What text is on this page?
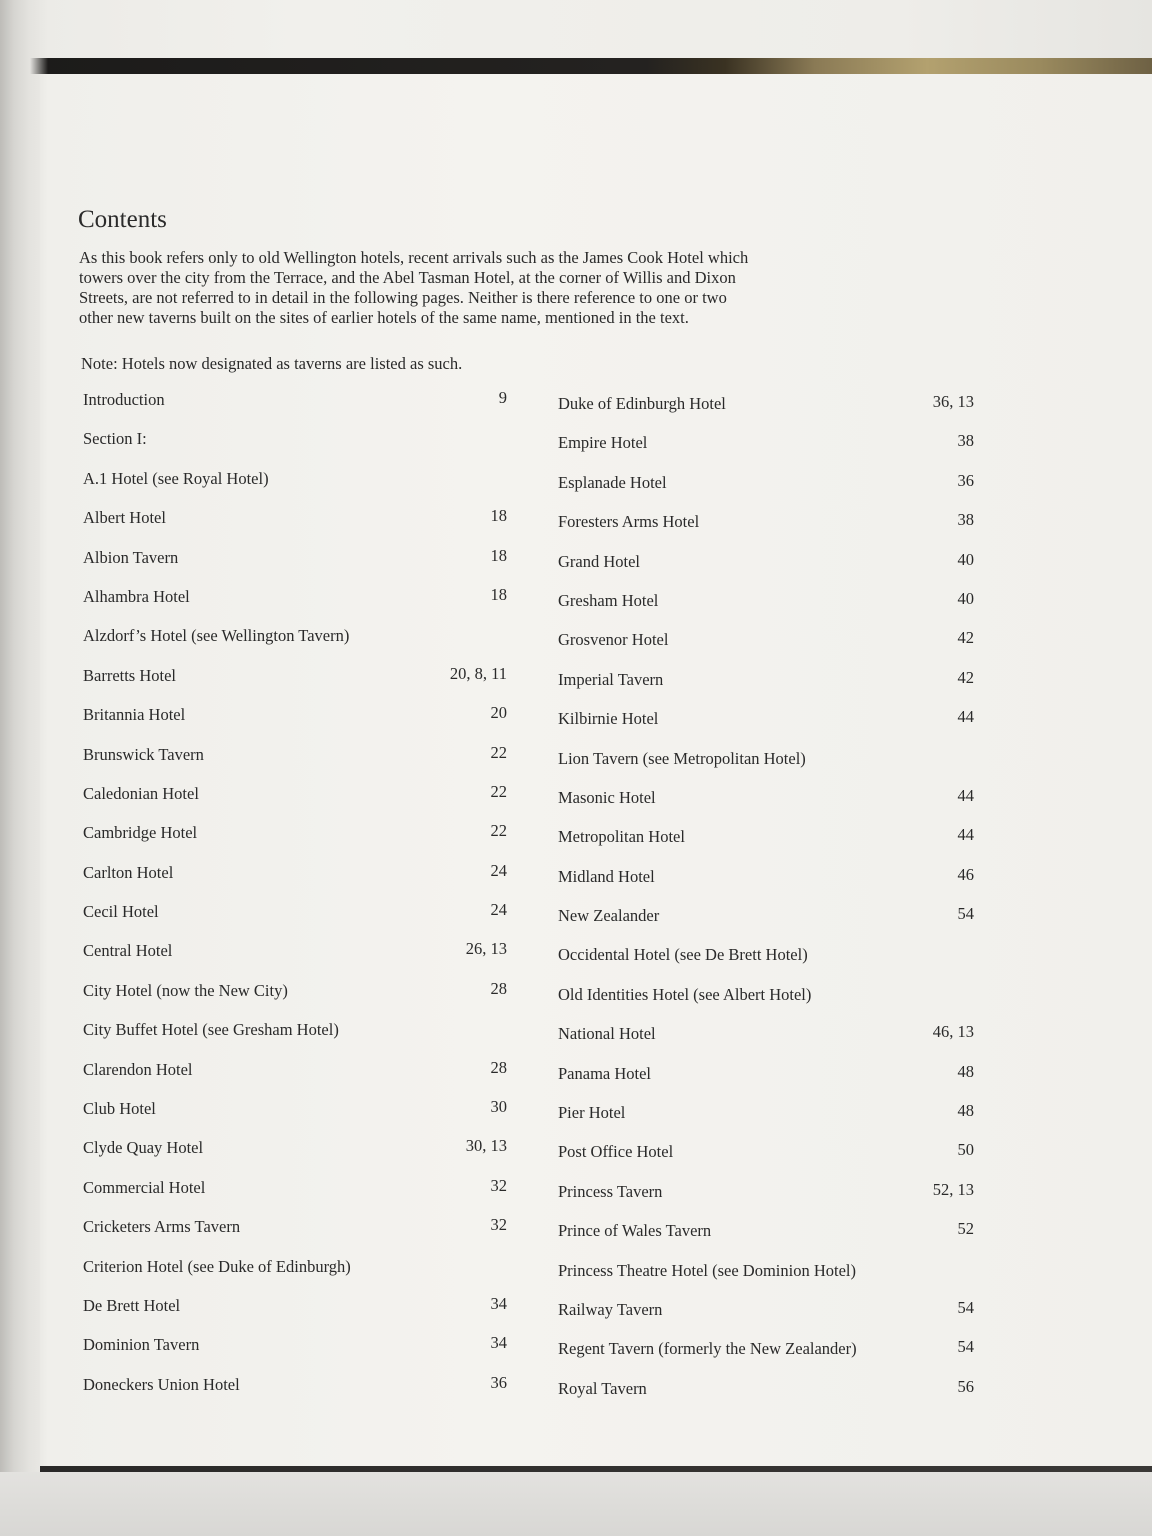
Contents

As this book refers only to old Wellington hotels, recent arrivals such as the James Cook Hotel which towers over the city from the Terrace, and the Abel Tasman Hotel, at the corner of Willis and Dixon Streets, are not referred to in detail in the following pages. Neither is there reference to one or two other new taverns built on the sites of earlier hotels of the same name, mentioned in the text.

Note: Hotels now designated as taverns are listed as such.

Introduction	9
Section I:
A.1 Hotel (see Royal Hotel)
Albert Hotel	18
Albion Tavern	18
Alhambra Hotel	18
Alzdorf’s Hotel (see Wellington Tavern)
Barretts Hotel	20, 8, 11
Britannia Hotel	20
Brunswick Tavern	22
Caledonian Hotel	22
Cambridge Hotel	22
Carlton Hotel	24
Cecil Hotel	24
Central Hotel	26, 13
City Hotel (now the New City)	28
City Buffet Hotel (see Gresham Hotel)
Clarendon Hotel	28
Club Hotel	30
Clyde Quay Hotel	30, 13
Commercial Hotel	32
Cricketers Arms Tavern	32
Criterion Hotel (see Duke of Edinburgh)
De Brett Hotel	34
Dominion Tavern	34
Doneckers Union Hotel	36
Duke of Edinburgh Hotel	36, 13
Empire Hotel	38
Esplanade Hotel	36
Foresters Arms Hotel	38
Grand Hotel	40
Gresham Hotel	40
Grosvenor Hotel	42
Imperial Tavern	42
Kilbirnie Hotel	44
Lion Tavern (see Metropolitan Hotel)
Masonic Hotel	44
Metropolitan Hotel	44
Midland Hotel	46
New Zealander	54
Occidental Hotel (see De Brett Hotel)
Old Identities Hotel (see Albert Hotel)
National Hotel	46, 13
Panama Hotel	48
Pier Hotel	48
Post Office Hotel	50
Princess Tavern	52, 13
Prince of Wales Tavern	52
Princess Theatre Hotel (see Dominion Hotel)
Railway Tavern	54
Regent Tavern (formerly the New Zealander)	54
Royal Tavern	56
